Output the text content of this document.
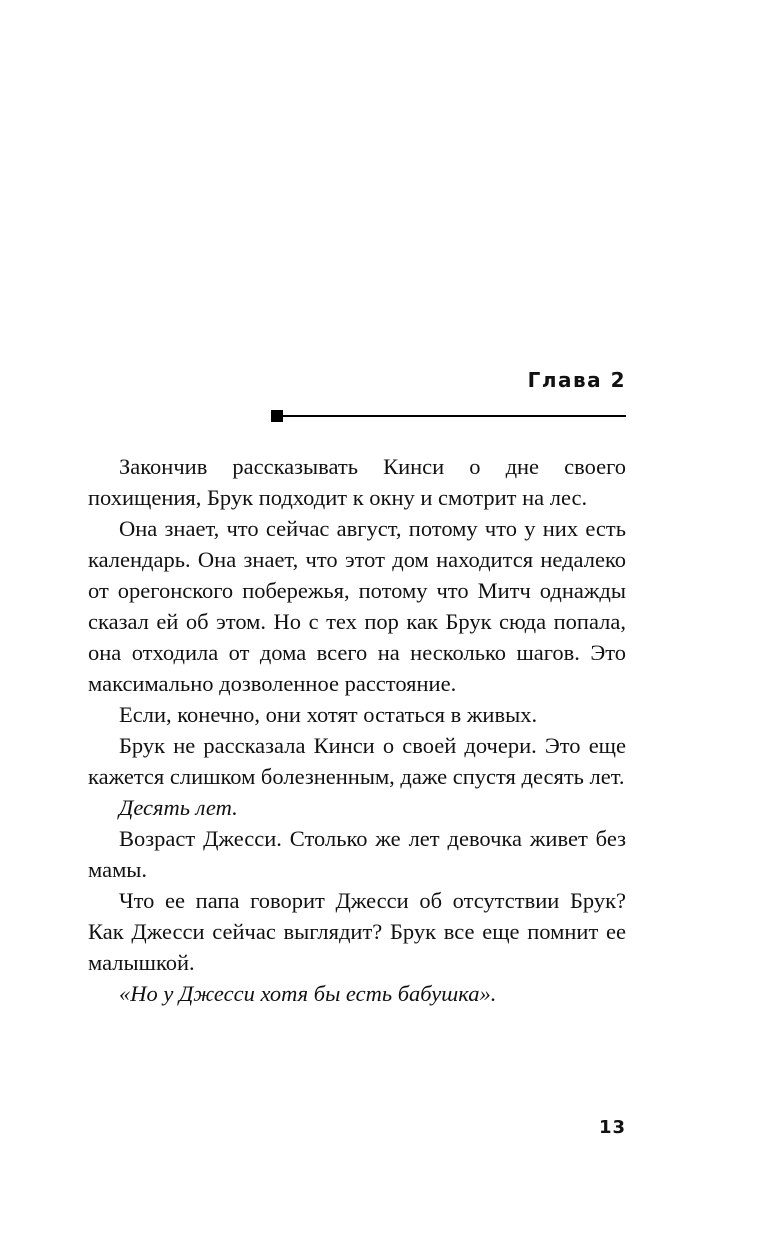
Глава 2

Закончив рассказывать Кинси о дне своего похищения, Брук подходит к окну и смотрит на лес.

Она знает, что сейчас август, потому что у них есть календарь. Она знает, что этот дом находится недалеко от орегонского побережья, потому что Митч однажды сказал ей об этом. Но с тех пор как Брук сюда попала, она отходила от дома всего на несколько шагов. Это максимально дозволенное расстояние.

Если, конечно, они хотят остаться в живых.

Брук не рассказала Кинси о своей дочери. Это еще кажется слишком болезненным, даже спустя десять лет.

Десять лет.

Возраст Джесси. Столько же лет девочка живет без мамы.

Что ее папа говорит Джесси об отсутствии Брук? Как Джесси сейчас выглядит? Брук все еще помнит ее малышкой.

«Но у Джесси хотя бы есть бабушка».

13
